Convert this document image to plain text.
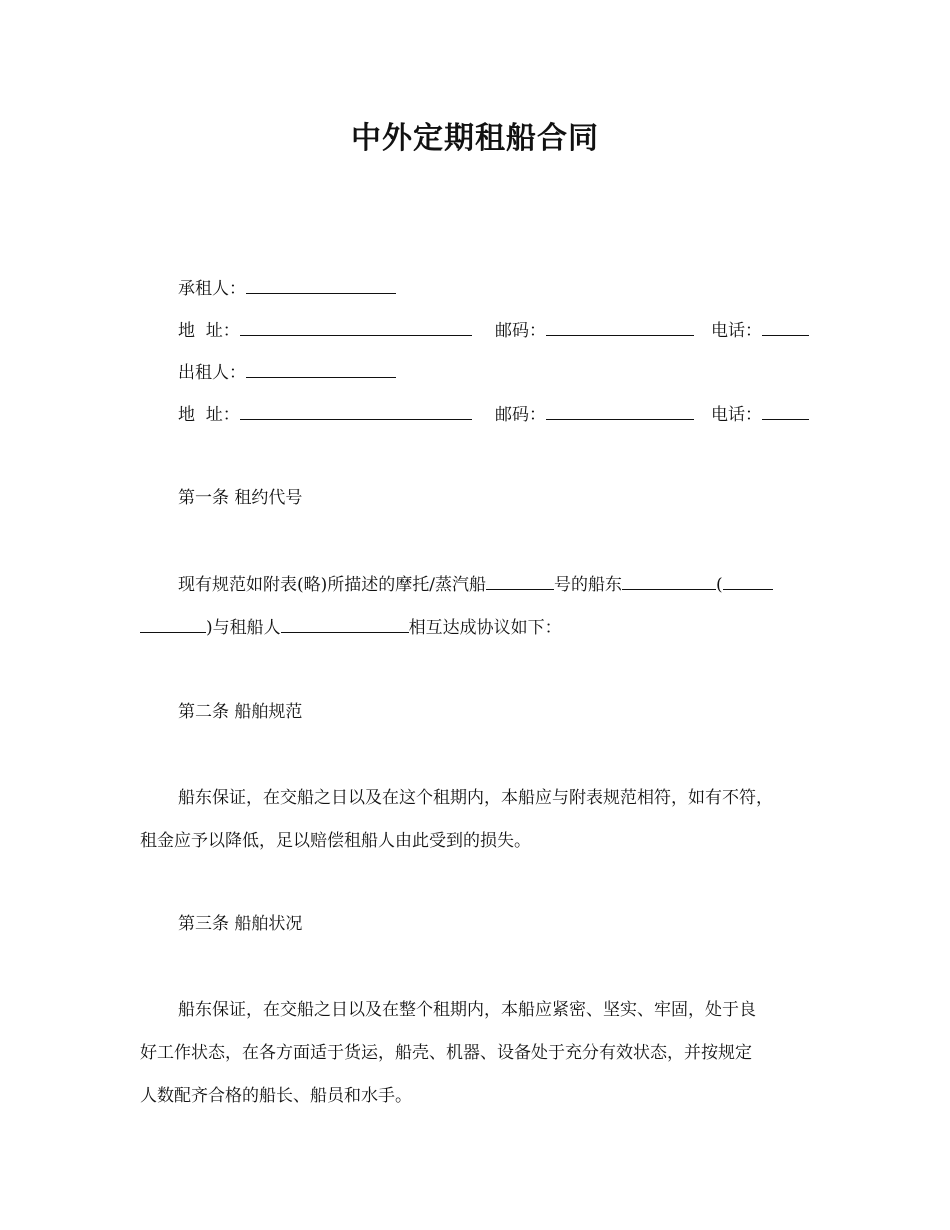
中外定期租船合同
承租人：
地  址：	邮码：	电话：
出租人：
地  址：	邮码：	电话：
第一条 租约代号
现有规范如附表(略)所描述的摩托/蒸汽船	号的船东	(
)与租船人	相互达成协议如下：
第二条 船舶规范
船东保证，在交船之日以及在这个租期内，本船应与附表规范相符，如有不符，
租金应予以降低，足以赔偿租船人由此受到的损失。
第三条 船舶状况
船东保证，在交船之日以及在整个租期内，本船应紧密、坚实、牢固，处于良
好工作状态，在各方面适于货运，船壳、机器、设备处于充分有效状态，并按规定
人数配齐合格的船长、船员和水手。
